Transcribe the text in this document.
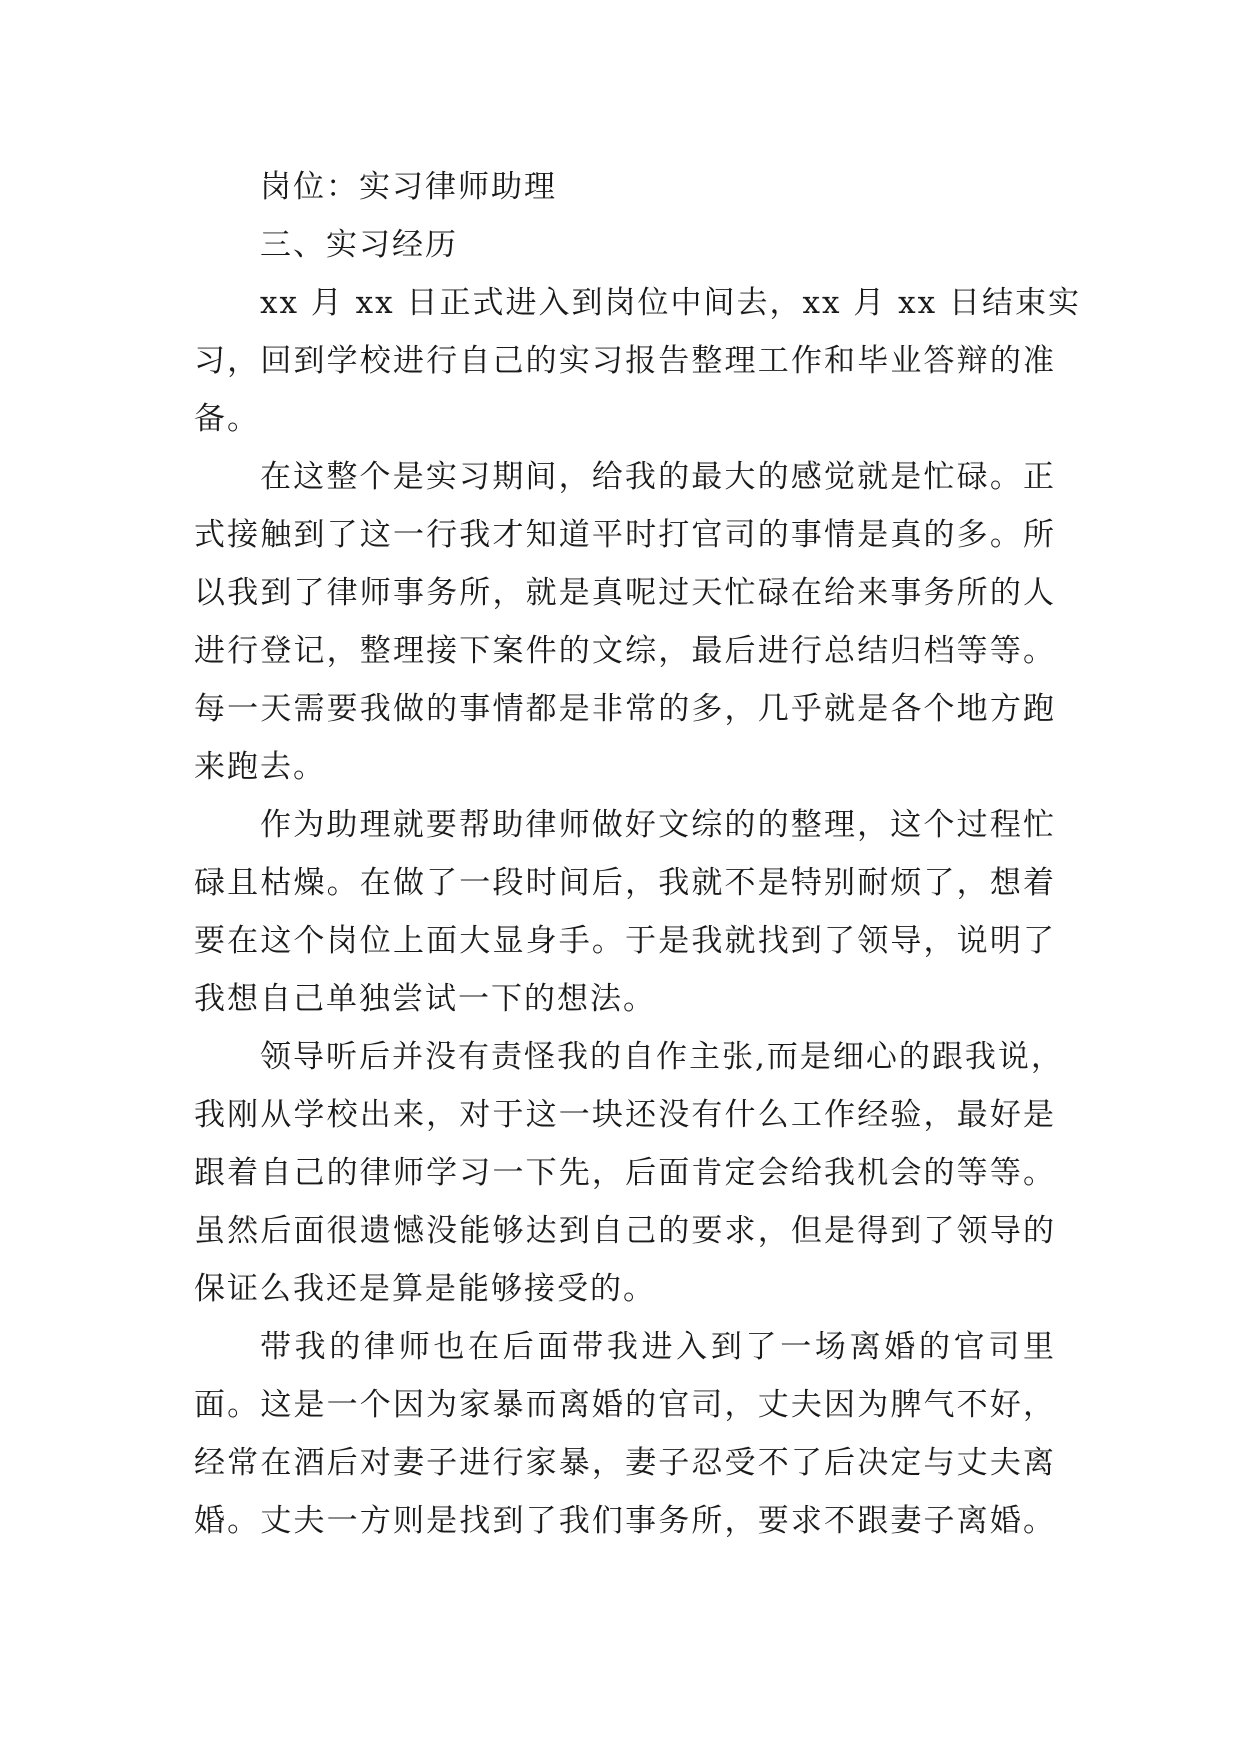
岗位：实习律师助理
三、实习经历
xx 月 xx 日正式进入到岗位中间去，xx 月 xx 日结束实
习，回到学校进行自己的实习报告整理工作和毕业答辩的准
备。
在这整个是实习期间，给我的最大的感觉就是忙碌。正
式接触到了这一行我才知道平时打官司的事情是真的多。所
以我到了律师事务所，就是真呢过天忙碌在给来事务所的人
进行登记，整理接下案件的文综，最后进行总结归档等等。
每一天需要我做的事情都是非常的多，几乎就是各个地方跑
来跑去。
作为助理就要帮助律师做好文综的的整理，这个过程忙
碌且枯燥。在做了一段时间后，我就不是特别耐烦了，想着
要在这个岗位上面大显身手。于是我就找到了领导，说明了
我想自己单独尝试一下的想法。
领导听后并没有责怪我的自作主张,而是细心的跟我说，
我刚从学校出来，对于这一块还没有什么工作经验，最好是
跟着自己的律师学习一下先，后面肯定会给我机会的等等。
虽然后面很遗憾没能够达到自己的要求，但是得到了领导的
保证么我还是算是能够接受的。
带我的律师也在后面带我进入到了一场离婚的官司里
面。这是一个因为家暴而离婚的官司，丈夫因为脾气不好，
经常在酒后对妻子进行家暴，妻子忍受不了后决定与丈夫离
婚。丈夫一方则是找到了我们事务所，要求不跟妻子离婚。
